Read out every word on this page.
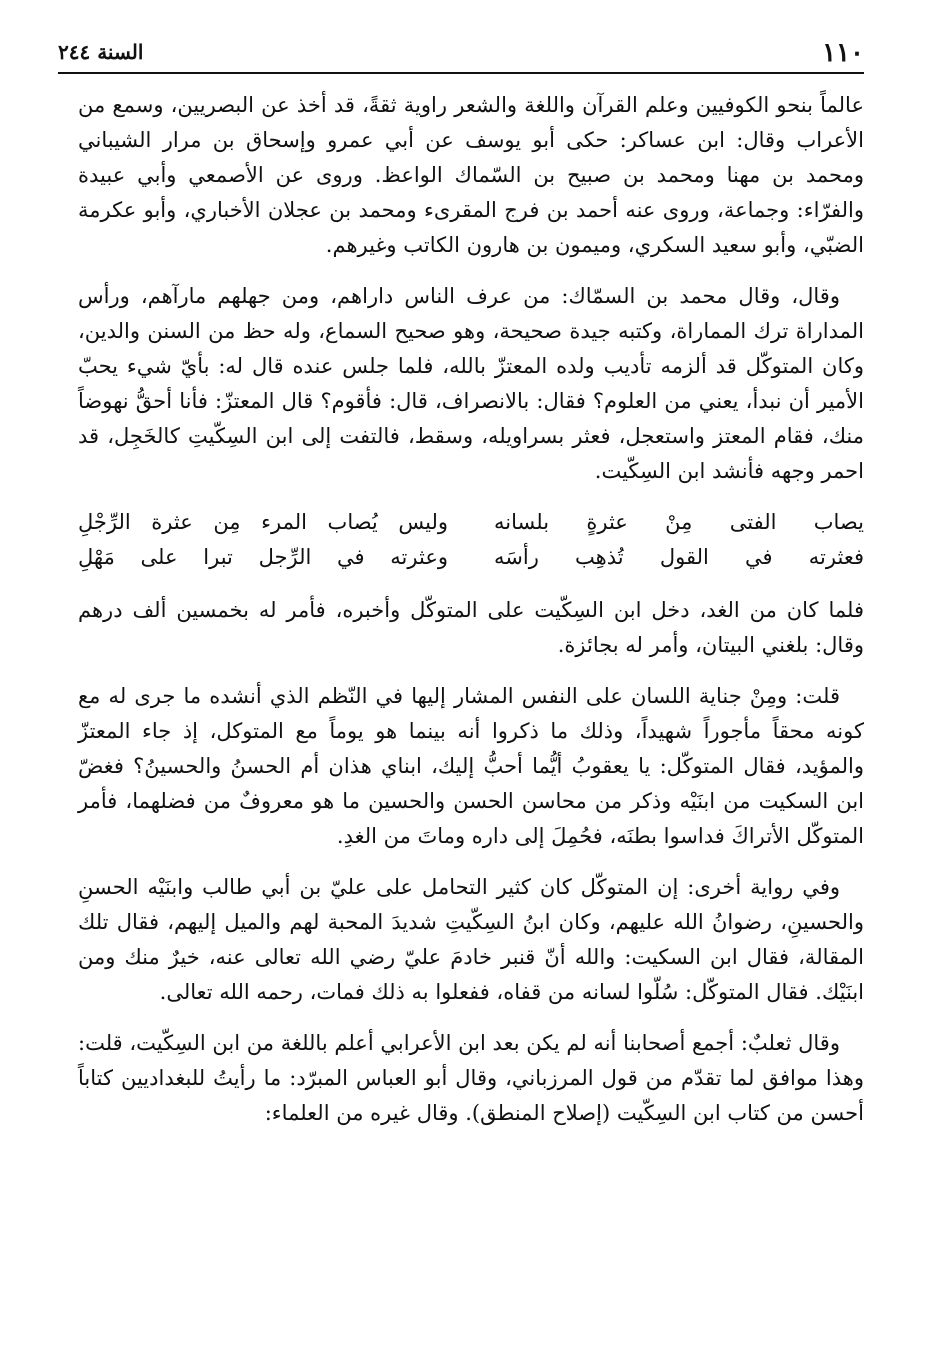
١١٠
السنة ٢٤٤

عالماً بنحو الكوفيين وعلم القرآن واللغة والشعر راوية ثقةً، قد أخذ عن البصريين، وسمع من الأعراب وقال: ابن عساكر: حكى أبو يوسف عن أبي عمرو وإسحاق بن مرار الشيباني ومحمد بن مهنا ومحمد بن صبيح بن السّماك الواعظ. وروى عن الأصمعي وأبي عبيدة والفرّاء: وجماعة، وروى عنه أحمد بن فرج المقرىء ومحمد بن عجلان الأخباري، وأبو عكرمة الضبّي، وأبو سعيد السكري، وميمون بن هارون الكاتب وغيرهم.

وقال، وقال محمد بن السمّاك: من عرف الناس داراهم، ومن جهلهم مارآهم، ورأس المداراة ترك المماراة، وكتبه جيدة صحيحة، وهو صحيح السماع، وله حظ من السنن والدين، وكان المتوكّل قد ألزمه تأديب ولده المعتزّ بالله، فلما جلس عنده قال له: بأيّ شيء يحبّ الأمير أن نبدأ، يعني من العلوم؟ فقال: بالانصراف، قال: فأقوم؟ قال المعتزّ: فأنا أحقُّ نهوضاً منك، فقام المعتز واستعجل، فعثر بسراويله، وسقط، فالتفت إلى ابن السِكّيتِ كالخَجِل، قد احمر وجهه فأنشد ابن السِكّيت.

يصاب الفتى مِنْ عثرةٍ بلسانه
وليس يُصاب المرء مِن عثرة الرِّجْلِ
فعثرته في القول تُذهِب رأسَه
وعثرته في الرِّجل تبرا على مَهْلِ

فلما كان من الغد، دخل ابن السِكّيت على المتوكّل وأخبره، فأمر له بخمسين ألف درهم وقال: بلغني البيتان، وأمر له بجائزة.

قلت: ومِنْ جناية اللسان على النفس المشار إليها في النّظم الذي أنشده ما جرى له مع كونه محقاً مأجوراً شهيداً، وذلك ما ذكروا أنه بينما هو يوماً مع المتوكل، إذ جاء المعتزّ والمؤيد، فقال المتوكّل: يا يعقوبُ أيُّما أحبُّ إليك، ابناي هذان أم الحسنُ والحسينُ؟ فغضّ ابن السكيت من ابنَيْه وذكر من محاسن الحسن والحسين ما هو معروفٌ من فضلهما، فأمر المتوكّل الأتراكَ فداسوا بطنَه، فحُمِلَ إلى داره وماتَ من الغدِ.

وفي رواية أخرى: إن المتوكّل كان كثير التحامل على عليّ بن أبي طالب وابنَيْه الحسنِ والحسينِ، رضوانُ الله عليهم، وكان ابنُ السِكّيتِ شديدَ المحبة لهم والميل إليهم، فقال تلك المقالة، فقال ابن السكيت: والله أنّ قنبر خادمَ عليّ رضي الله تعالى عنه، خيرٌ منك ومن ابنَيْك. فقال المتوكّل: سُلّوا لسانه من قفاه، ففعلوا به ذلك فمات، رحمه الله تعالى.

وقال ثعلبٌ: أجمع أصحابنا أنه لم يكن بعد ابن الأعرابي أعلم باللغة من ابن السِكّيت، قلت: وهذا موافق لما تقدّم من قول المرزباني، وقال أبو العباس المبرّد: ما رأيتُ للبغداديين كتاباً أحسن من كتاب ابن السِكّيت (إصلاح المنطق). وقال غيره من العلماء:
